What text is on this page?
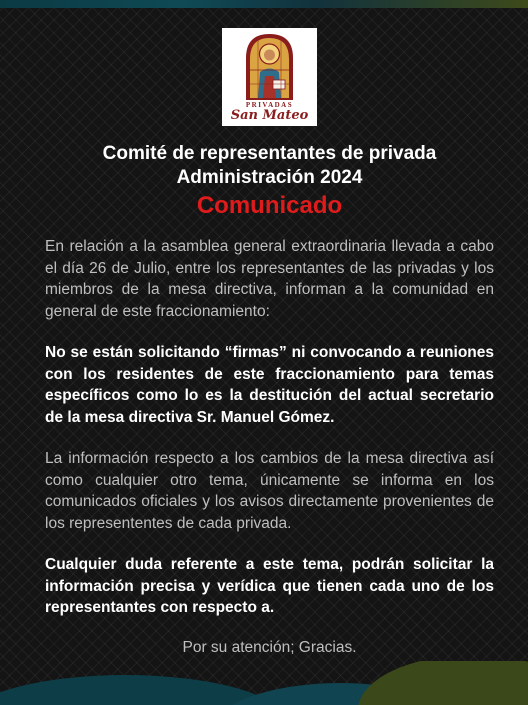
PRIVADAS
San Mateo
Comité de representantes de privada
Administración 2024
Comunicado

En relación a la asamblea general extraordinaria llevada a cabo el día 26 de Julio, entre los representantes de las privadas y los miembros de la mesa directiva, informan a la comunidad en general de este fraccionamiento:

No se están solicitando “firmas” ni convocando a reuniones con los residentes de este fraccionamiento para temas específicos como lo es la destitución del actual secretario de la mesa directiva Sr. Manuel Gómez.

La información respecto a los cambios de la mesa directiva así como cualquier otro tema, únicamente se informa en los comunicados oficiales y los avisos directamente provenientes de los represententes de cada privada.

Cualquier duda referente a este tema, podrán solicitar la información precisa y verídica que tienen cada uno de los representantes con respecto a.

Por su atención; Gracias.
